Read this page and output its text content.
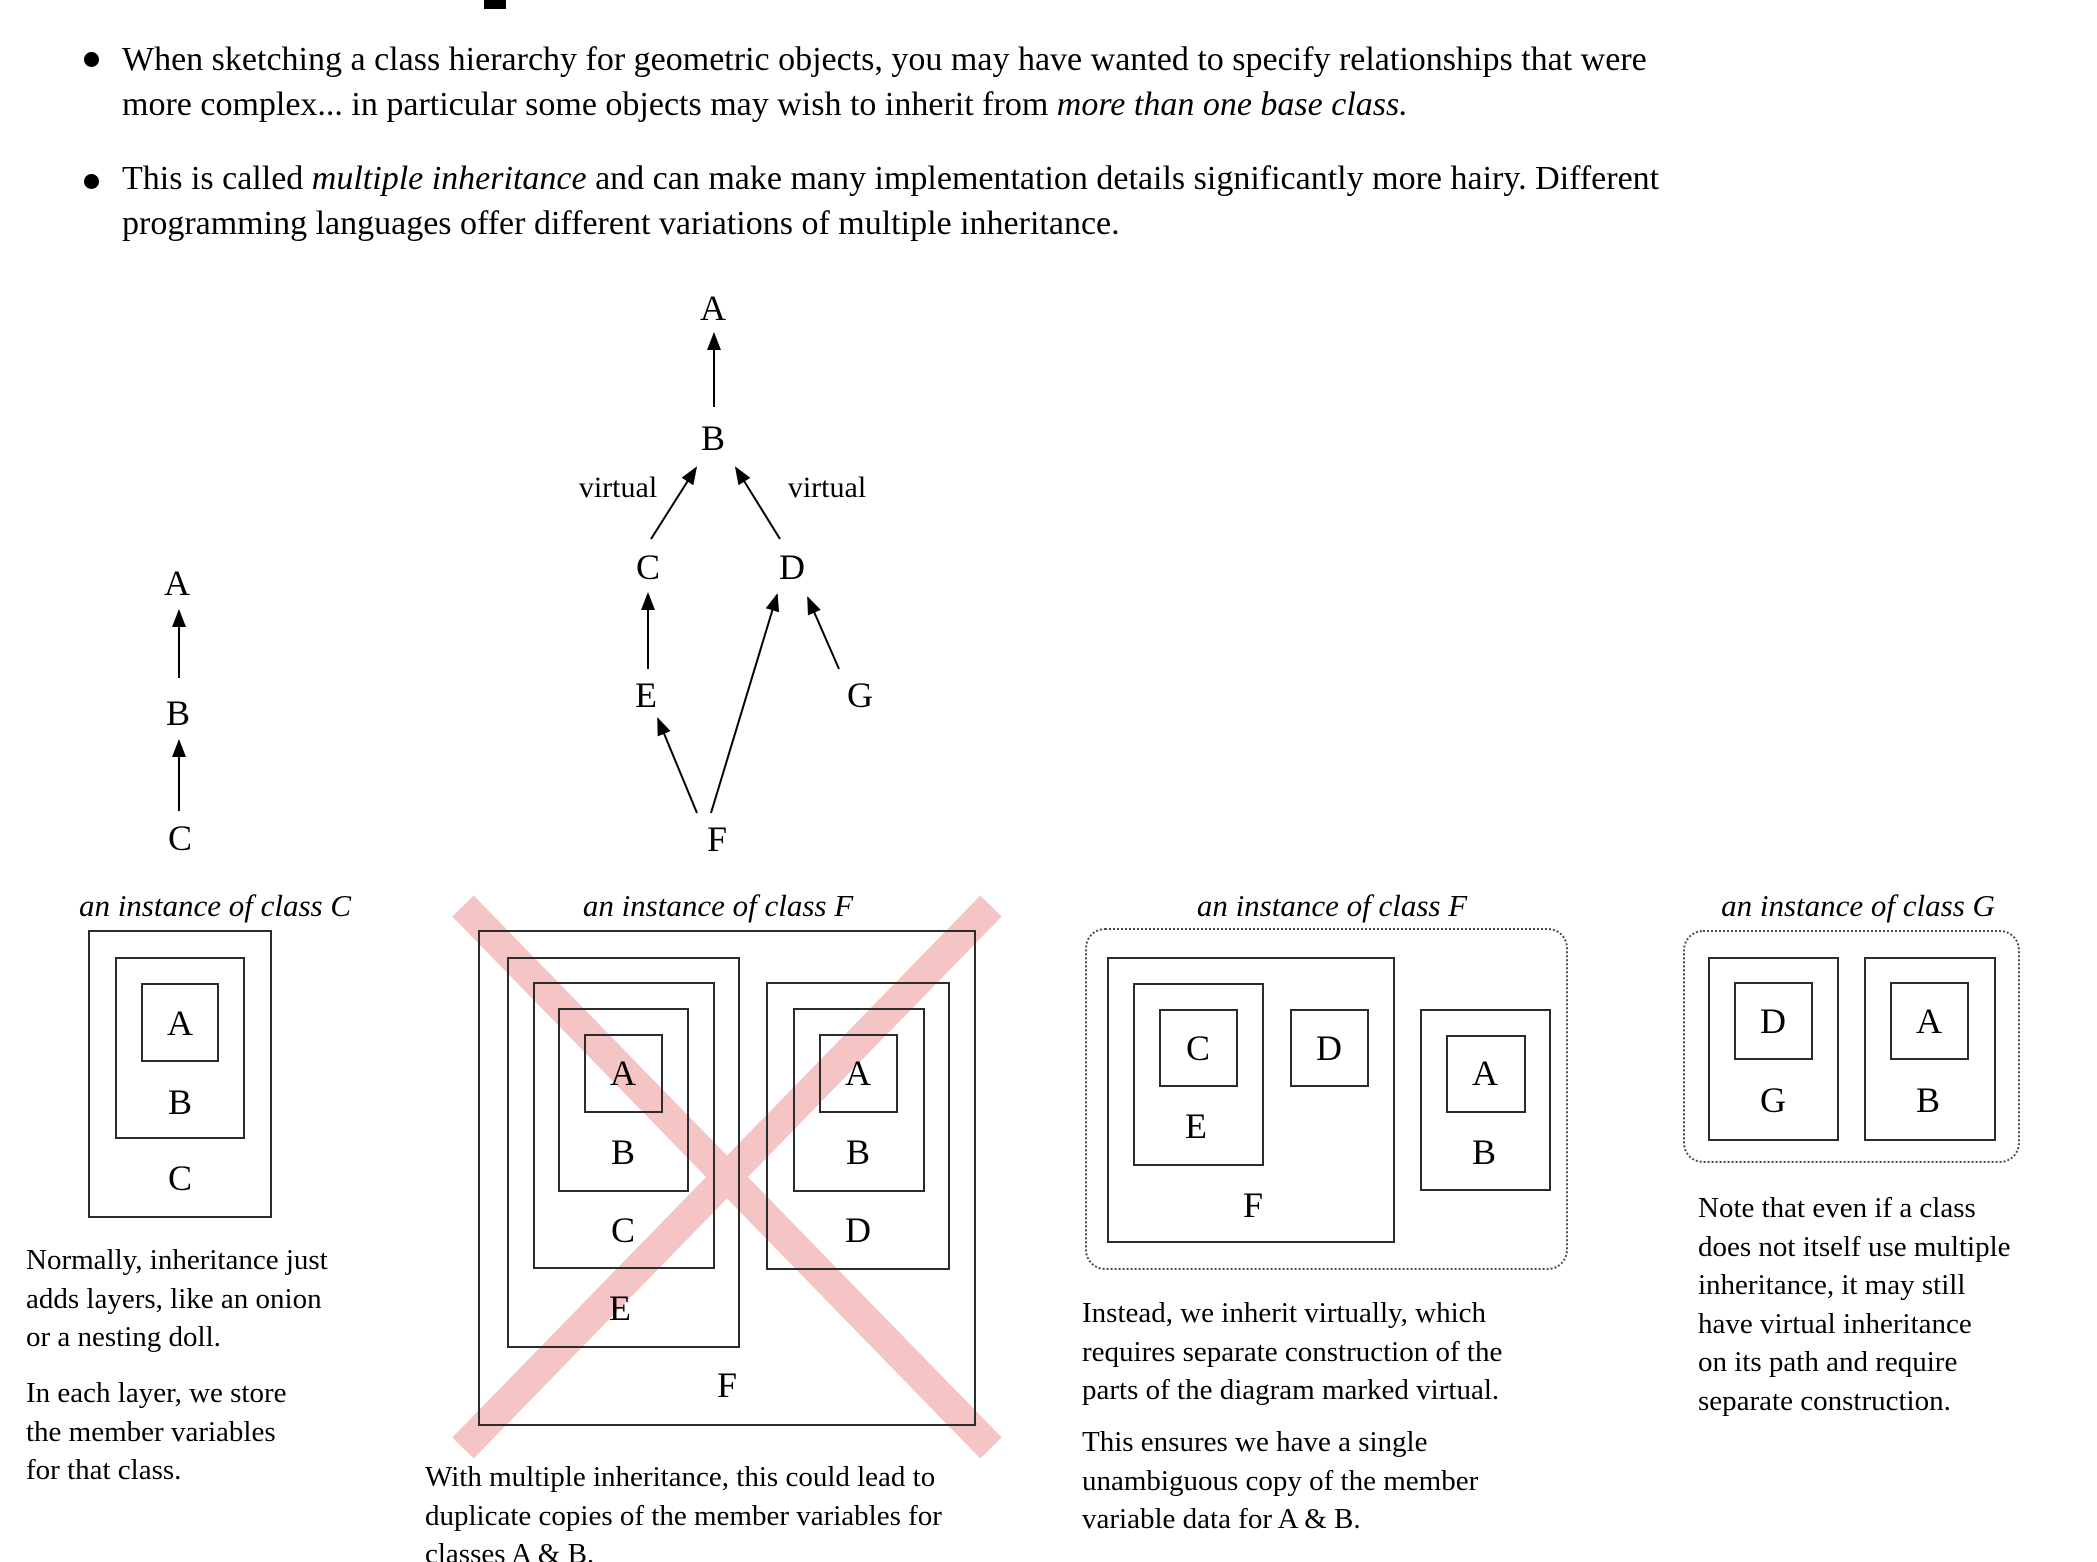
When sketching a class hierarchy for geometric objects, you may have wanted to specify relationships that were
more complex... in particular some objects may wish to inherit from more than one base class.
This is called multiple inheritance and can make many implementation details significantly more hairy. Different
programming languages offer different variations of multiple inheritance.
A
B
virtual	virtual
C	D
E	G
F
A
B
C
an instance of class C
A
B
C
an instance of class F
A
B
C
E
A
B
D
F
an instance of class F
C
E
D
F
A
B
an instance of class G
D
G
A
B
Normally, inheritance just
adds layers, like an onion
or a nesting doll.
In each layer, we store
the member variables
for that class.	With multiple inheritance, this could lead to
duplicate copies of the member variables for
classes A & B.
Instead, we inherit virtually, which
requires separate construction of the
parts of the diagram marked virtual.
This ensures we have a single
unambiguous copy of the member
variable data for A & B.
Note that even if a class
does not itself use multiple
inheritance, it may still
have virtual inheritance
on its path and require
separate construction.
